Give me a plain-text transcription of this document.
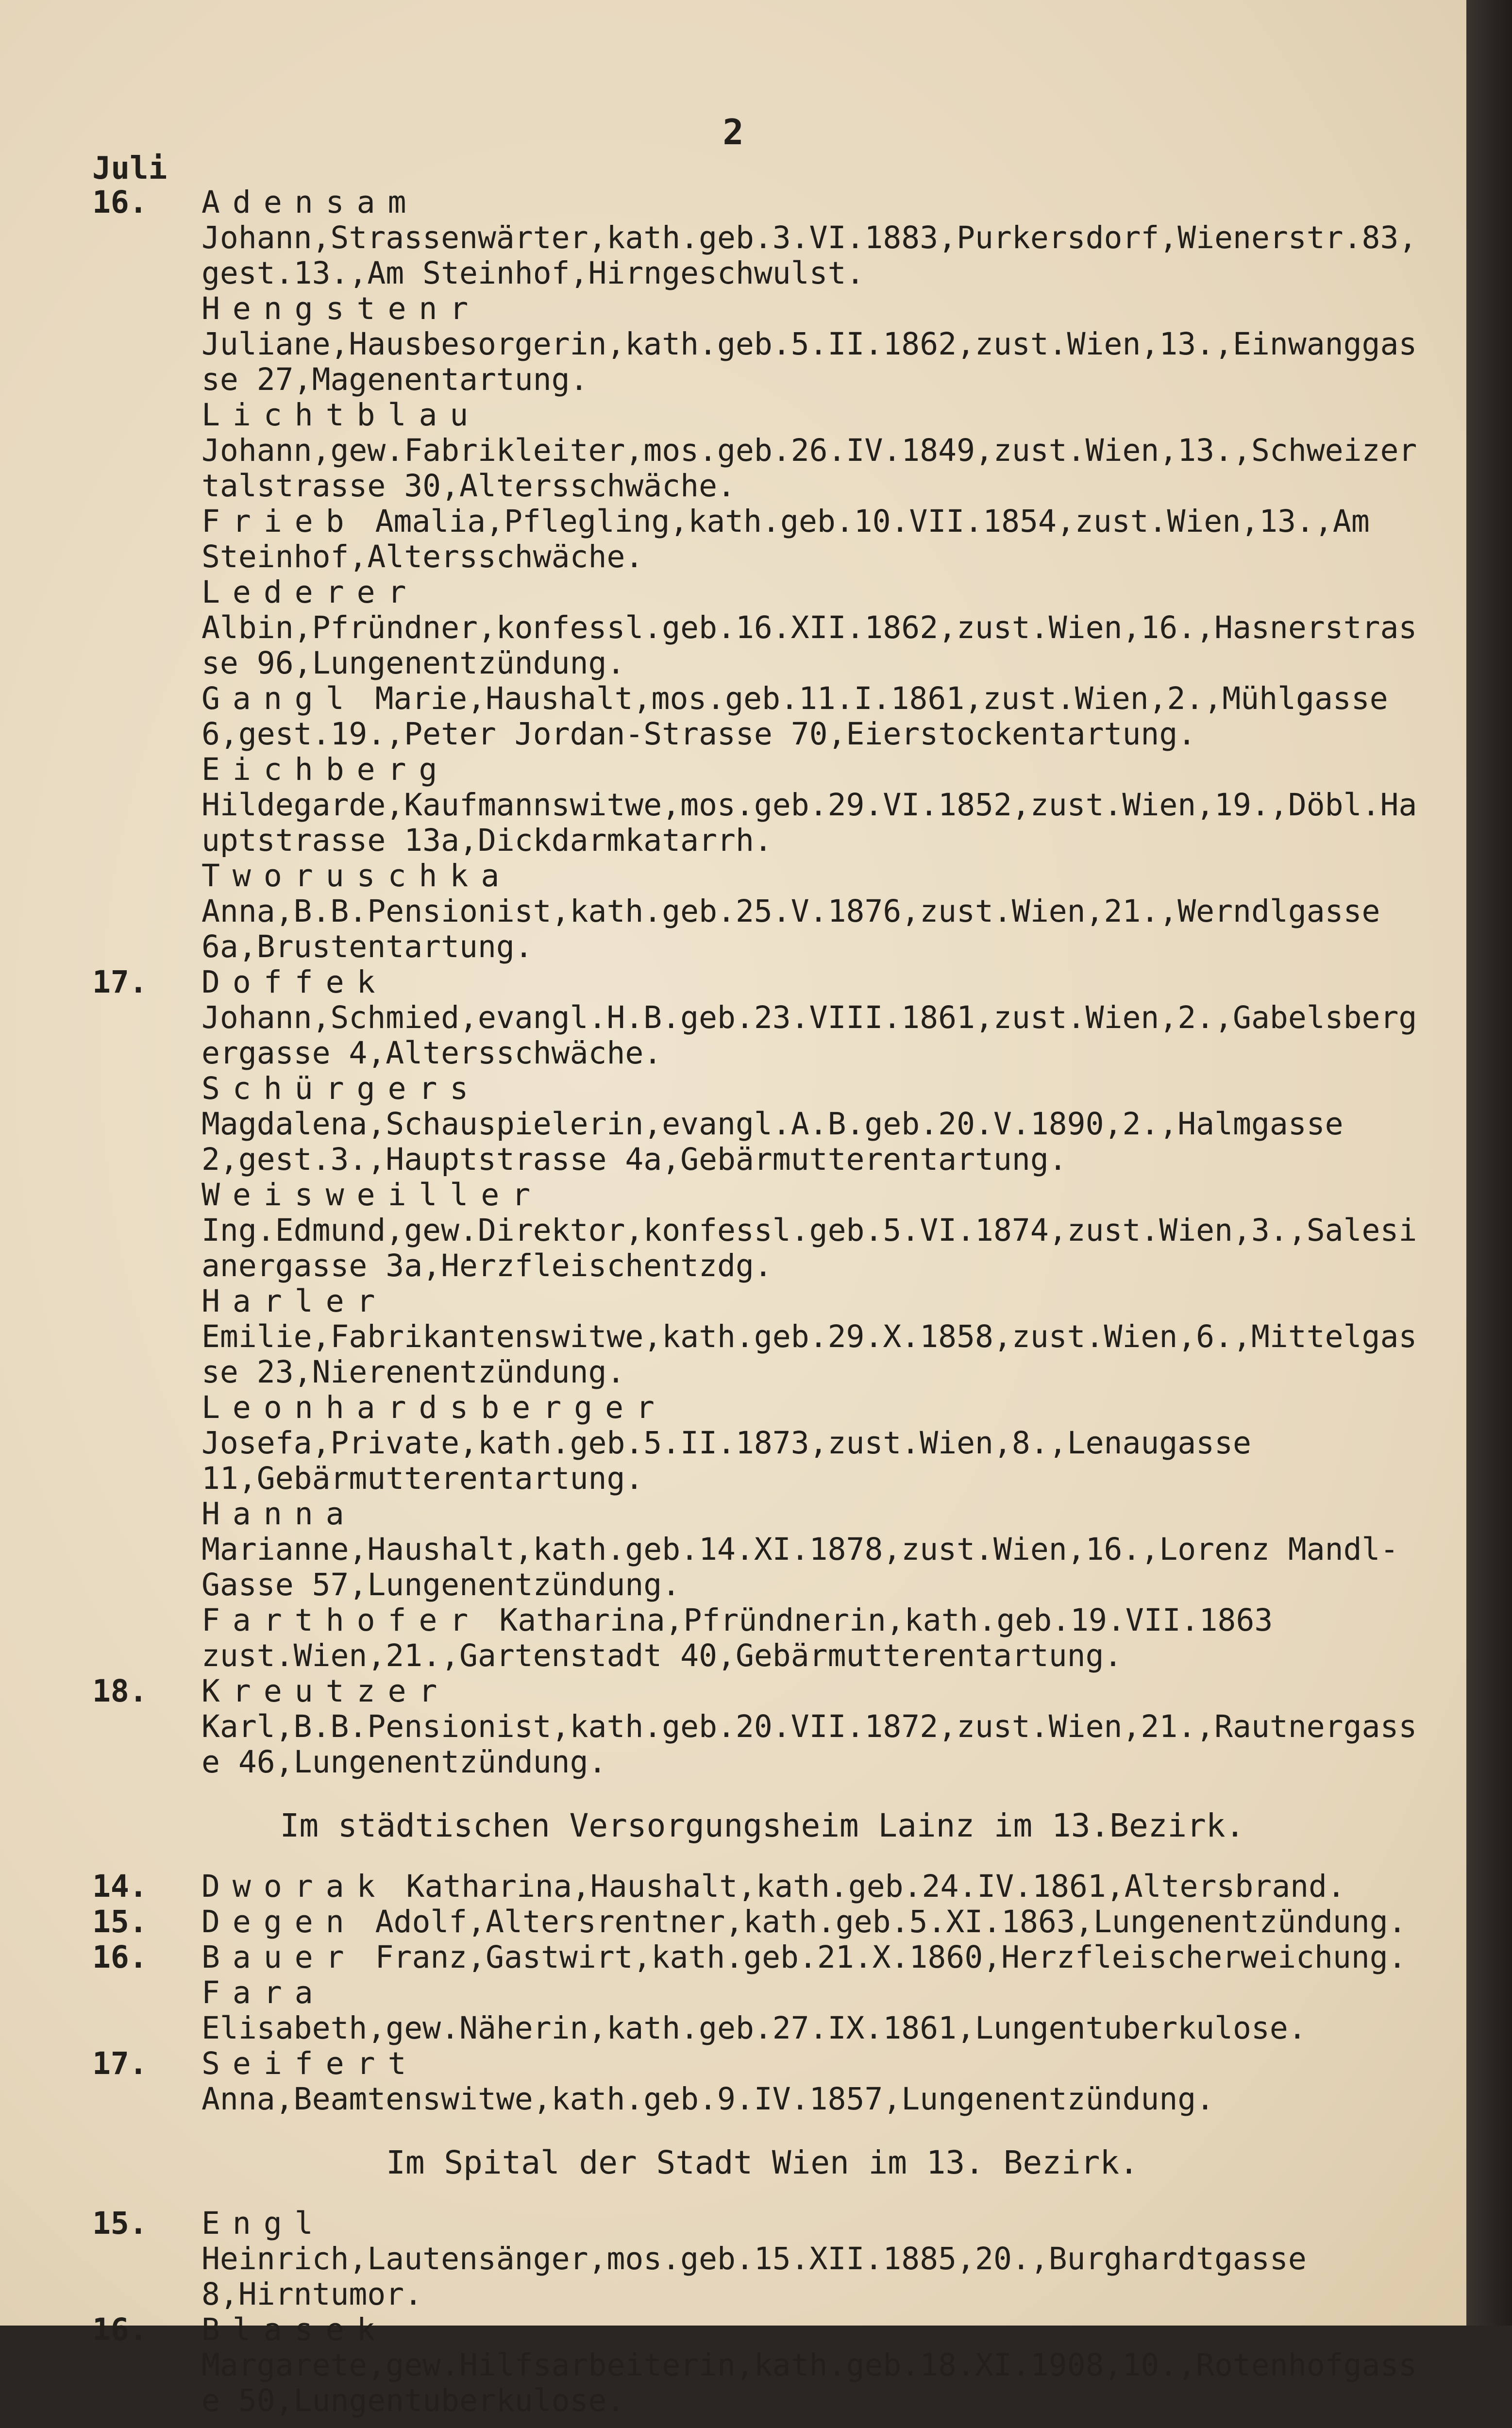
2
Juli
16.	Adensam Johann,Strassenwärter,kath.geb.3.VI.1883,Purkersdorf,Wienerstr.83,gest.13.,Am Steinhof,Hirngeschwulst.
Hengstenr Juliane,Hausbesorgerin,kath.geb.5.II.1862,zust.Wien,13.,Einwanggasse 27,Magenentartung.
Lichtblau Johann,gew.Fabrikleiter,mos.geb.26.IV.1849,zust.Wien,13.,Schweizertalstrasse 30,Altersschwäche.
Frieb Amalia,Pflegling,kath.geb.10.VII.1854,zust.Wien,13.,Am Steinhof,Altersschwäche.
Lederer Albin,Pfründner,konfessl.geb.16.XII.1862,zust.Wien,16.,Hasnerstrasse 96,Lungenentzündung.
Gangl Marie,Haushalt,mos.geb.11.I.1861,zust.Wien,2.,Mühlgasse 6,gest.19.,Peter Jordan-Strasse 70,Eierstockentartung.
Eichberg Hildegarde,Kaufmannswitwe,mos.geb.29.VI.1852,zust.Wien,19.,Döbl.Hauptstrasse 13a,Dickdarmkatarrh.
Tworuschka Anna,B.B.Pensionist,kath.geb.25.V.1876,zust.Wien,21.,Werndlgasse 6a,Brustentartung.
17.	Doffek Johann,Schmied,evangl.H.B.geb.23.VIII.1861,zust.Wien,2.,Gabelsbergergasse 4,Altersschwäche.
Schürgers Magdalena,Schauspielerin,evangl.A.B.geb.20.V.1890,2.,Halmgasse 2,gest.3.,Hauptstrasse 4a,Gebärmutterentartung.
Weisweiller Ing.Edmund,gew.Direktor,konfessl.geb.5.VI.1874,zust.Wien,3.,Salesianergasse 3a,Herzfleischentzdg.
Harler Emilie,Fabrikantenswitwe,kath.geb.29.X.1858,zust.Wien,6.,Mittelgasse 23,Nierenentzündung.
Leonhardsberger Josefa,Private,kath.geb.5.II.1873,zust.Wien,8.,Lenaugasse 11,Gebärmutterentartung.
Hanna Marianne,Haushalt,kath.geb.14.XI.1878,zust.Wien,16.,Lorenz Mandl-Gasse 57,Lungenentzündung.
Farthofer Katharina,Pfründnerin,kath.geb.19.VII.1863 zust.Wien,21.,Gartenstadt 40,Gebärmutterentartung.
18.	Kreutzer Karl,B.B.Pensionist,kath.geb.20.VII.1872,zust.Wien,21.,Rautnergasse 46,Lungenentzündung.
Im städtischen Versorgungsheim Lainz im 13.Bezirk.
14.	Dworak Katharina,Haushalt,kath.geb.24.IV.1861,Altersbrand.
15.	Degen Adolf,Altersrentner,kath.geb.5.XI.1863,Lungenentzündung.
16.	Bauer Franz,Gastwirt,kath.geb.21.X.1860,Herzfleischerweichung.
Fara Elisabeth,gew.Näherin,kath.geb.27.IX.1861,Lungentuberkulose.
17.	Seifert Anna,Beamtenswitwe,kath.geb.9.IV.1857,Lungenentzündung.
Im Spital der Stadt Wien im 13. Bezirk.
15.	Engl Heinrich,Lautensänger,mos.geb.15.XII.1885,20.,Burghardtgasse 8,Hirntumor.
16.	Blasek Margarete,gew.Hilfsarbeiterin,kath.geb.18.XI.1908,10.,Rotenhofgasse 50,Lungentuberkulose.
